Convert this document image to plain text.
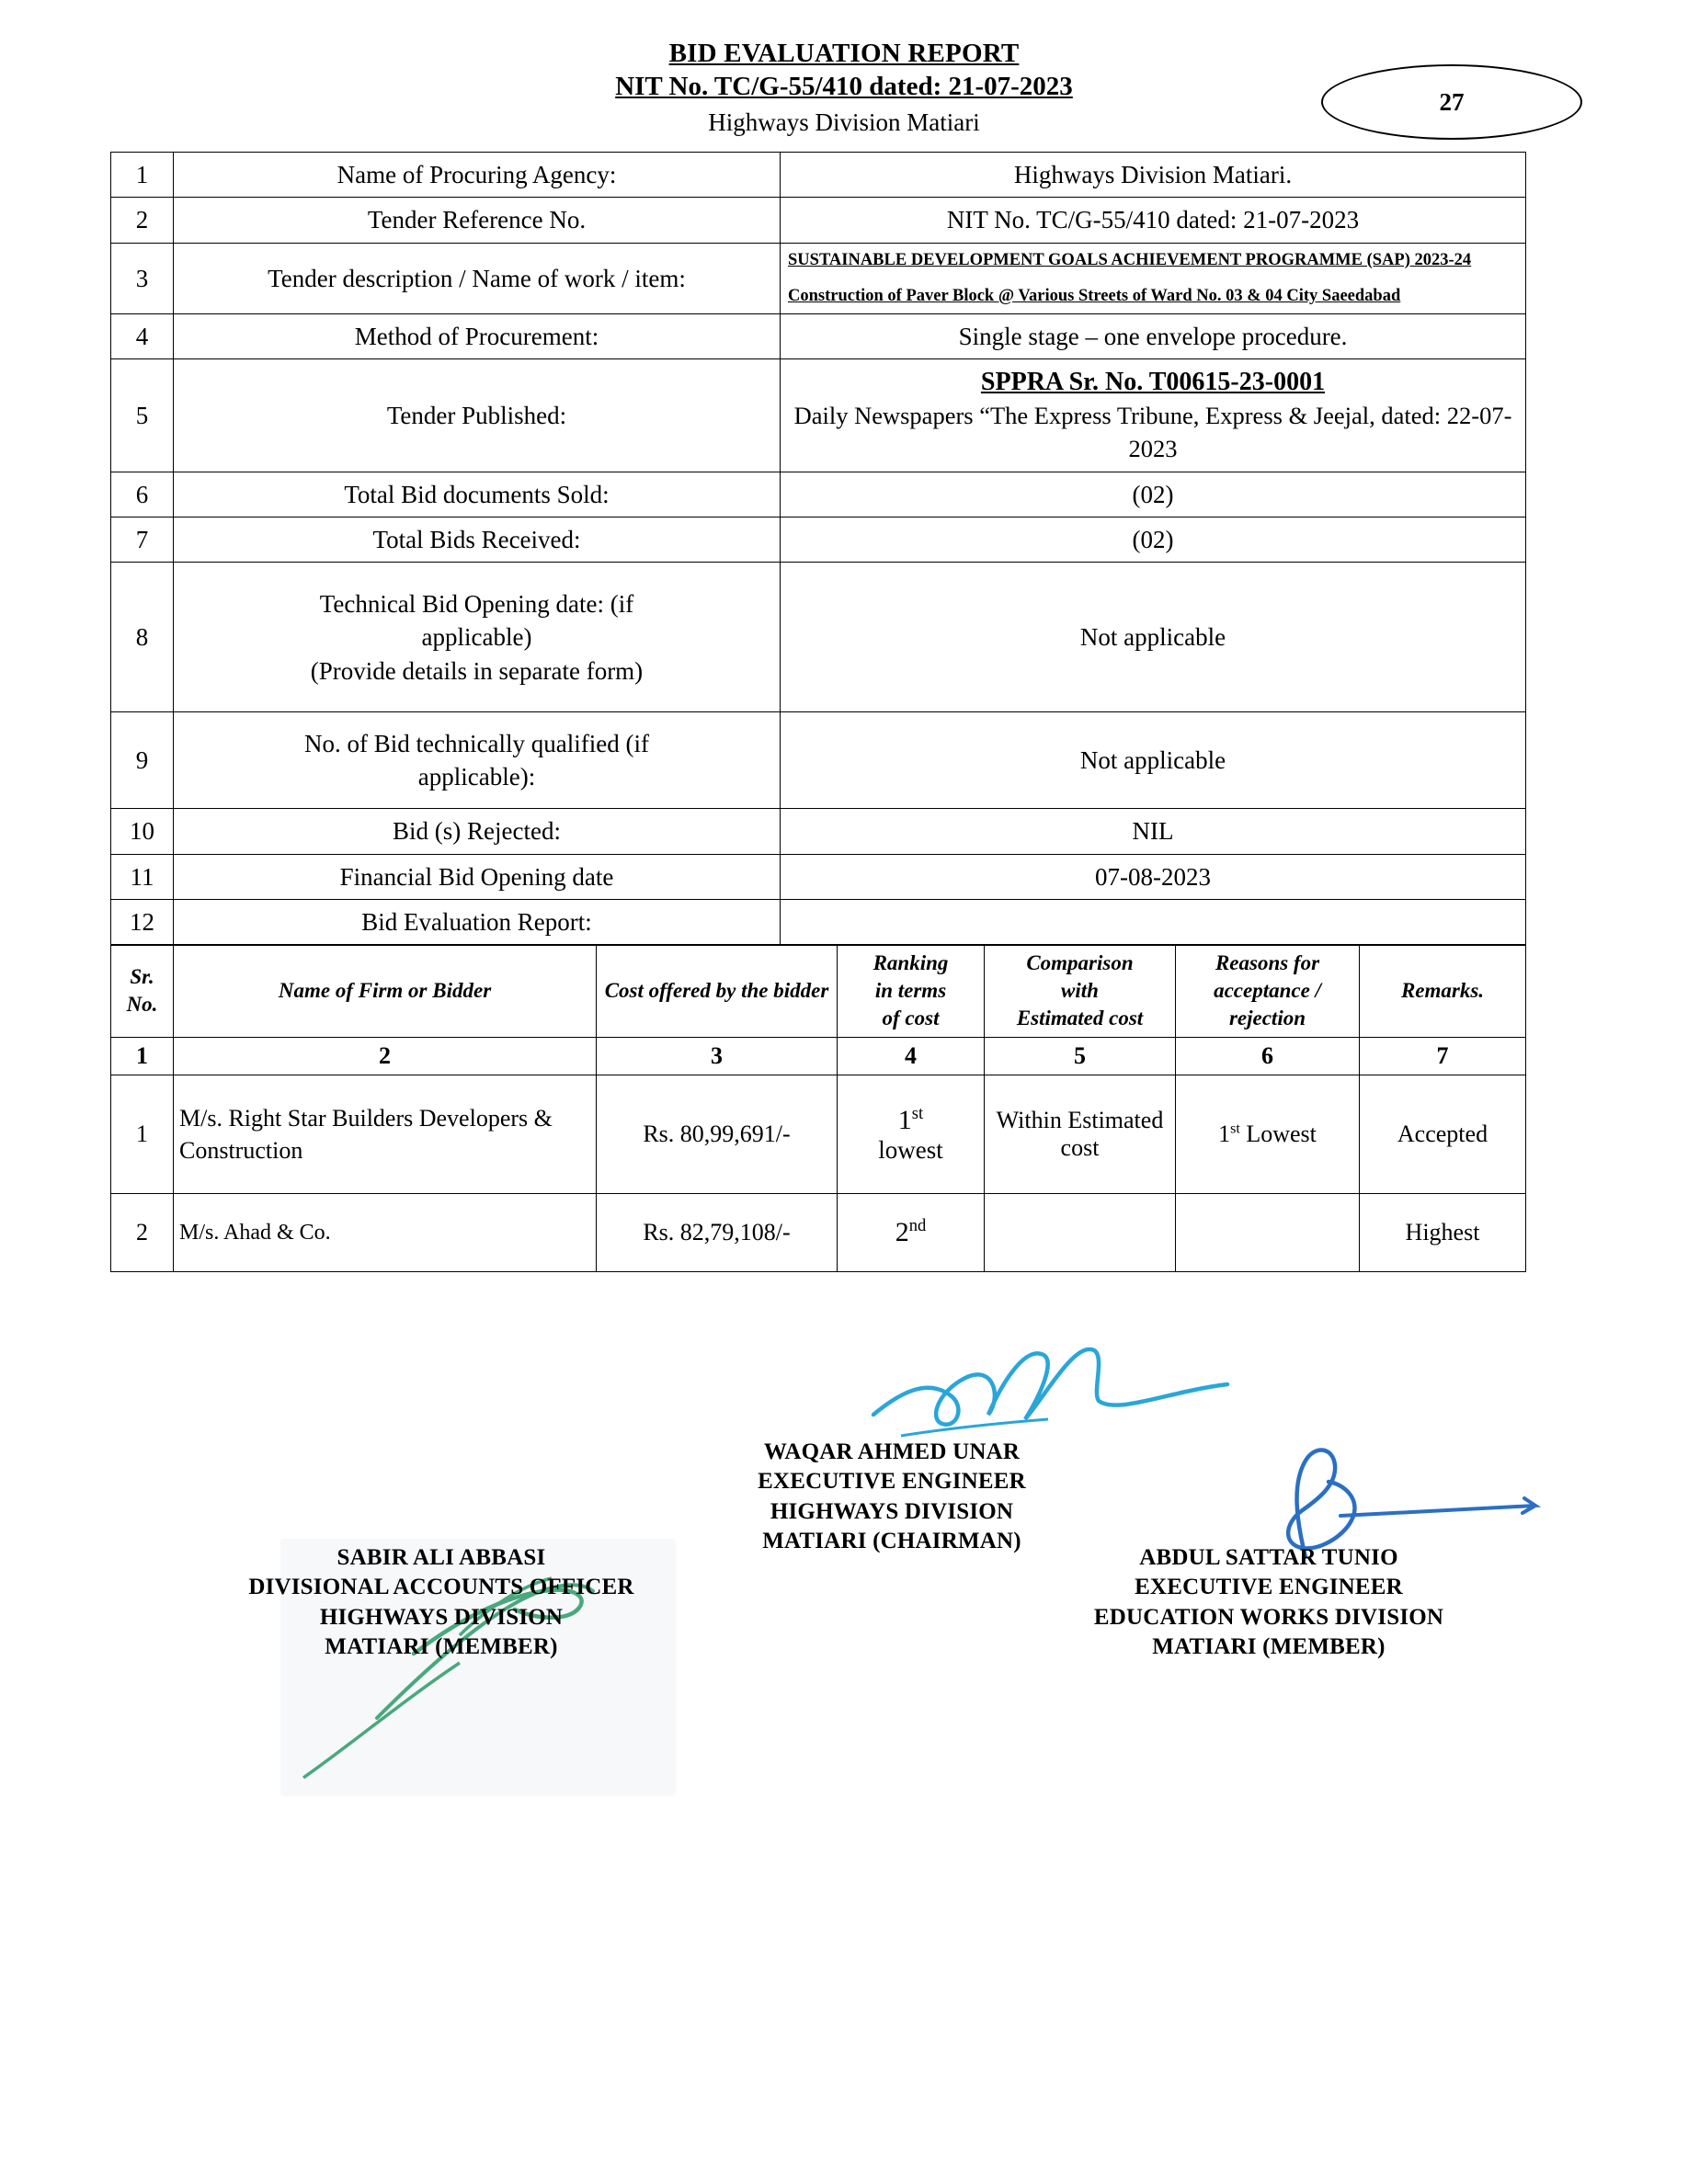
BID EVALUATION REPORT
NIT No. TC/G-55/410 dated: 21-07-2023
Highways Division Matiari
27
1	Name of Procuring Agency:	Highways Division Matiari.
2	Tender Reference No.	NIT No. TC/G-55/410 dated: 21-07-2023
3	Tender description / Name of work / item:	SUSTAINABLE DEVELOPMENT GOALS ACHIEVEMENT PROGRAMME (SAP) 2023-24
Construction of Paver Block @ Various Streets of Ward No. 03 & 04 City Saeedabad

4	Method of Procurement:	Single stage – one envelope procedure.
5	Tender Published:	SPPRA Sr. No. T00615-23-0001
Daily Newspapers “The Express Tribune, Express & Jeejal, dated: 22-07-2023

6	Total Bid documents Sold:	(02)
7	Total Bids Received:	(02)
8	Technical Bid Opening date: (if
applicable)
(Provide details in separate form)	Not applicable
9	No. of Bid technically qualified (if
applicable):	Not applicable
10	Bid (s) Rejected:	NIL
11	Financial Bid Opening date	07-08-2023
12	Bid Evaluation Report:	
Sr.
No.	Name of Firm or Bidder	Cost offered by the bidder	Ranking
in terms
of cost	Comparison
with
Estimated cost	Reasons for
acceptance /
rejection	Remarks.
1	2	3	4	5	6	7
1	M/s. Right Star Builders Developers & Construction	Rs. 80,99,691/-	1st
lowest	Within Estimated cost	1st Lowest	Accepted
2	M/s. Ahad & Co.	Rs. 82,79,108/-	2nd			Highest
WAQAR AHMED UNAR
EXECUTIVE ENGINEER
HIGHWAYS DIVISION
MATIARI (CHAIRMAN)
SABIR ALI ABBASI
DIVISIONAL ACCOUNTS OFFICER
HIGHWAYS DIVISION
MATIARI (MEMBER)
ABDUL SATTAR TUNIO
EXECUTIVE ENGINEER
EDUCATION WORKS DIVISION
MATIARI (MEMBER)
